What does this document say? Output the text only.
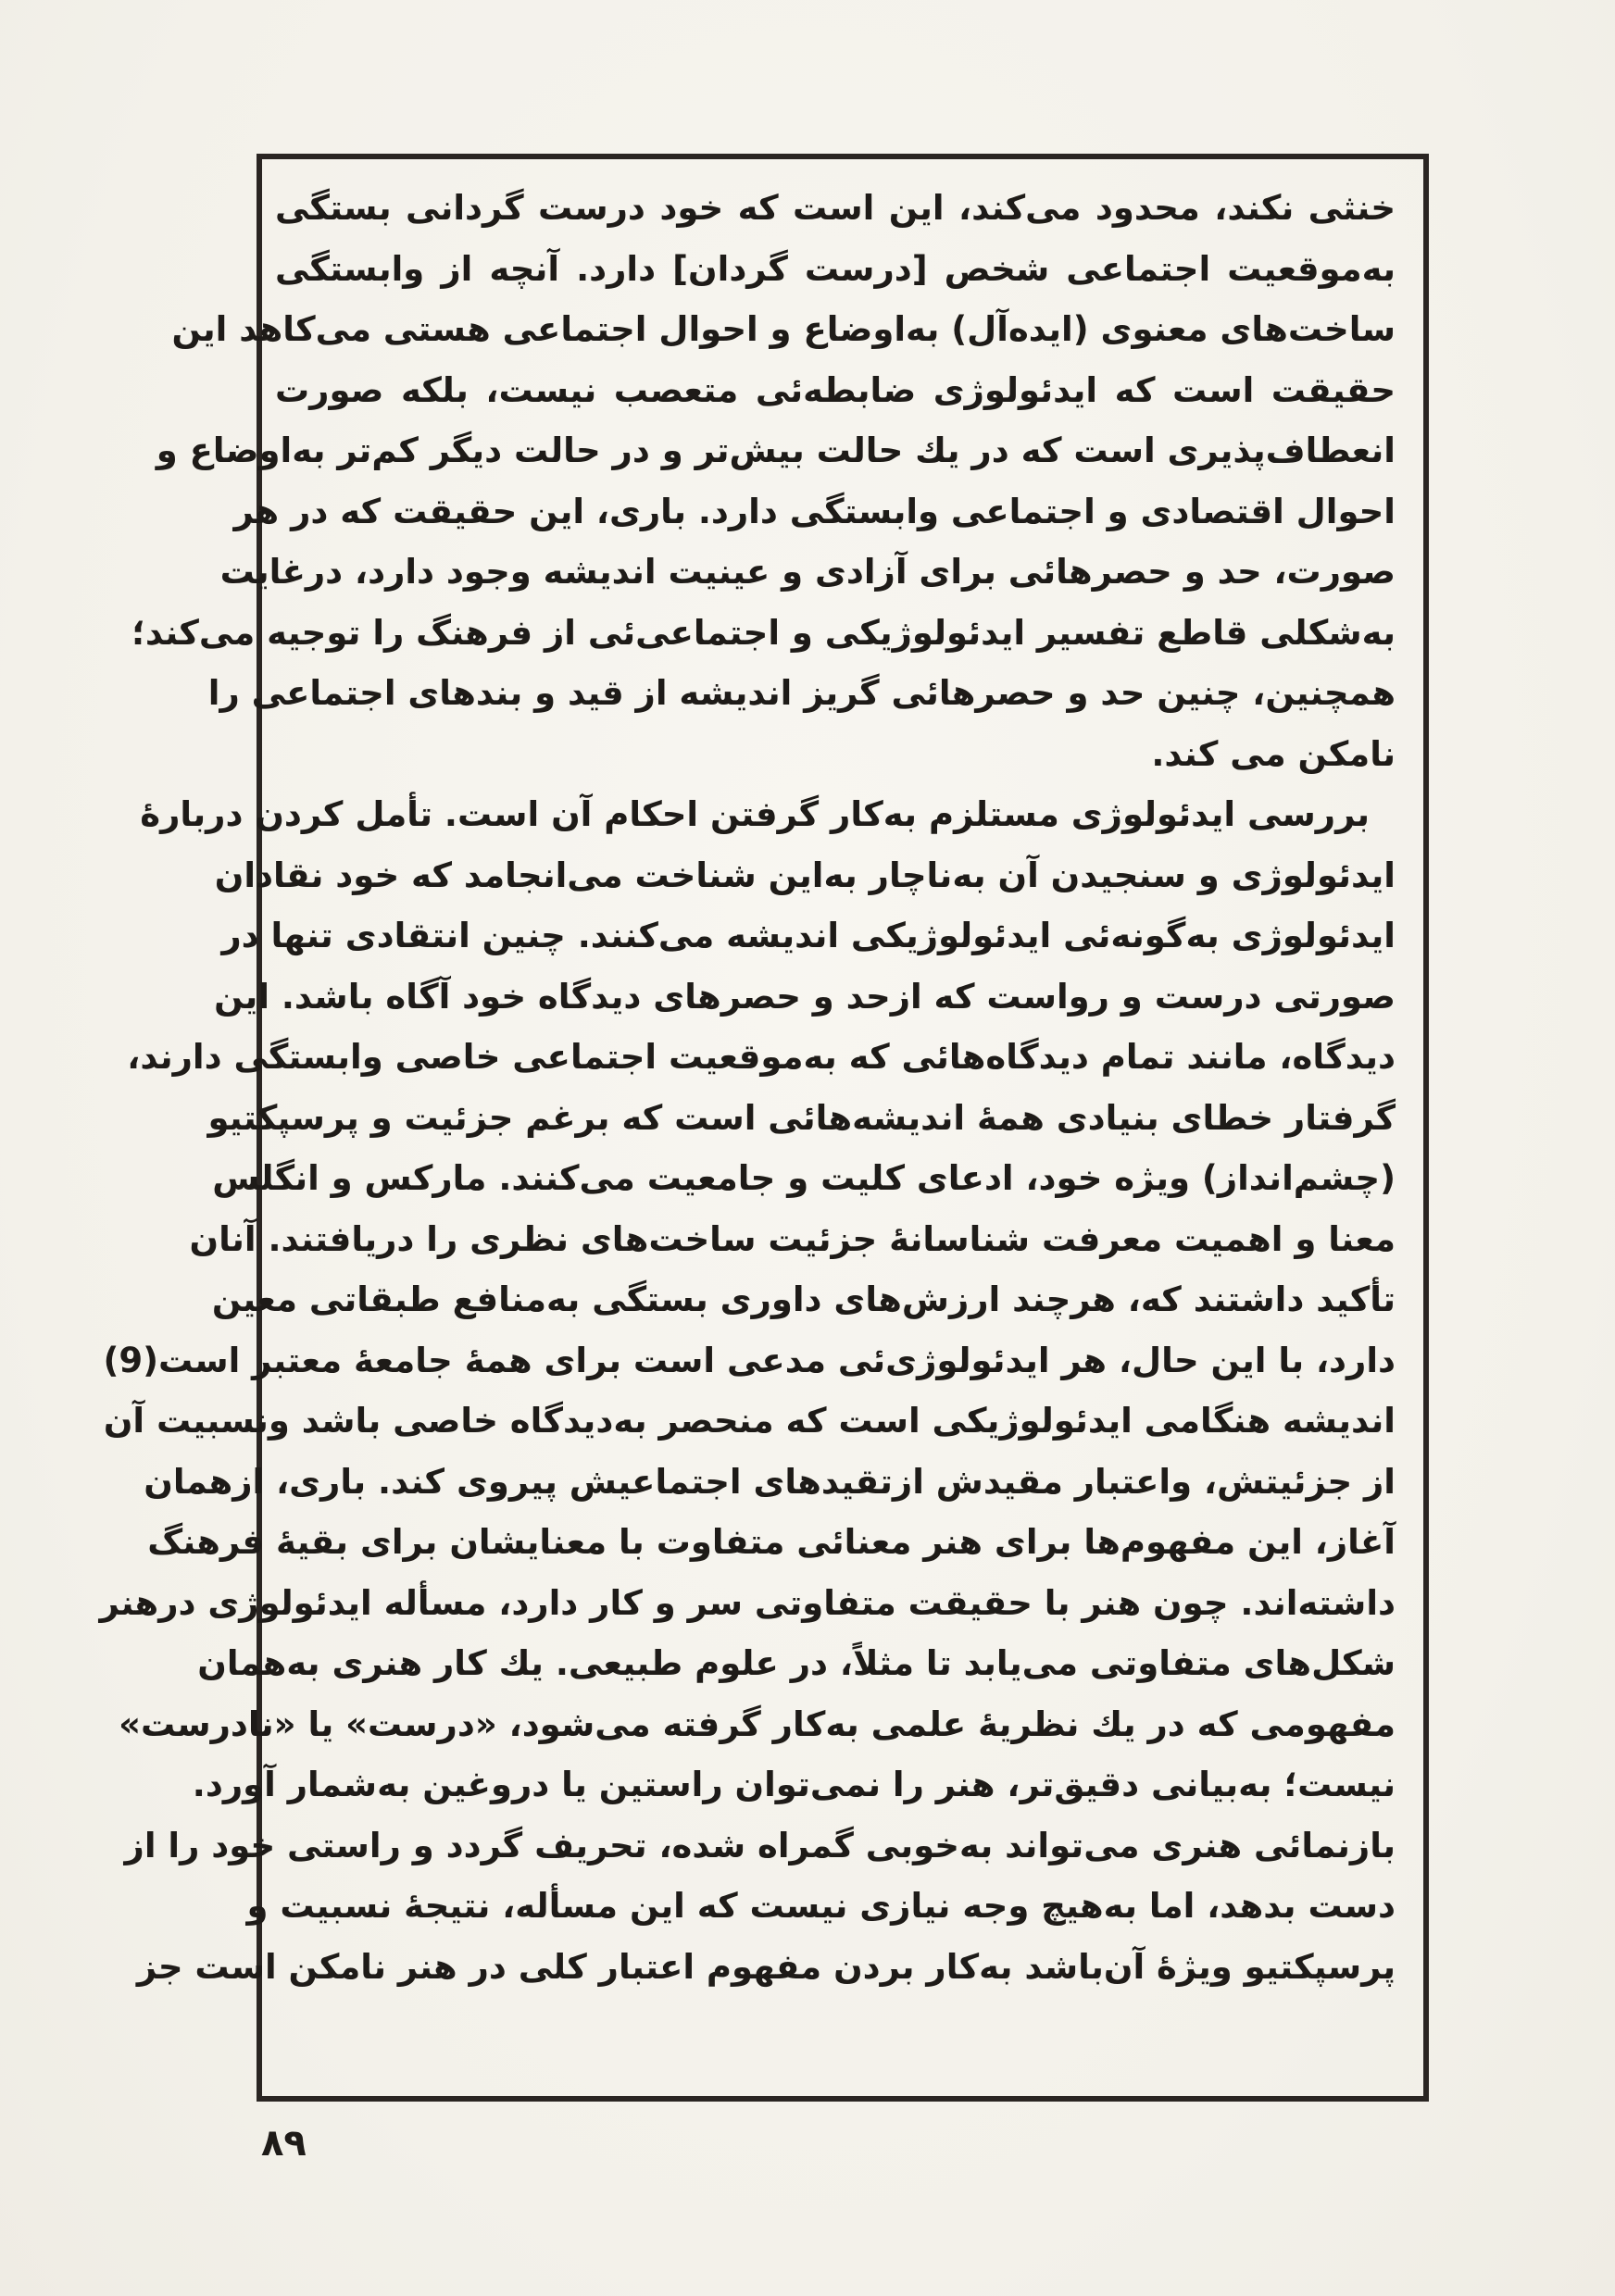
خنثی نکند، محدود می‌کند، این است که خود درست گردانی بستگی
به‌موقعیت اجتماعی شخص [درست گردان] دارد. آنچه از وابستگی
ساخت‌های معنوی (ایده‌آل) به‌اوضاع و احوال اجتماعی هستی می‌کاهد این
حقیقت است که ایدئولوژی ضابطه‌ئی متعصب نیست، بلکه صورت
انعطاف‌پذیری است که در یك حالت بیش‌تر و در حالت دیگر کم‌تر به‌اوضاع و
احوال اقتصادی و اجتماعی وابستگی دارد. باری، این حقیقت که در هر
صورت، حد و حصرهائی برای آزادی و عینیت اندیشه وجود دارد، درغایت
به‌شکلی قاطع تفسیر ایدئولوژیکی و اجتماعی‌ئی از فرهنگ را توجیه می‌کند؛
همچنین، چنین حد و حصرهائی گریز اندیشه از قید و بندهای اجتماعی را
نامکن می کند.
بررسی ایدئولوژی مستلزم به‌کار گرفتن احکام آن است. تأمل کردن دربارهٔ
ایدئولوژی و سنجیدن آن به‌ناچار به‌این شناخت می‌انجامد که خود نقادان
ایدئولوژی به‌گونه‌ئی ایدئولوژیکی اندیشه می‌کنند. چنین انتقادی تنها در
صورتی درست و رواست که ازحد و حصرهای دیدگاه خود آگاه باشد. این
دیدگاه، مانند تمام دیدگاه‌هائی که به‌موقعیت اجتماعی خاصی وابستگی دارند،
گرفتار خطای بنیادی همهٔ اندیشه‌هائی است که برغم جزئیت و پرسپکتیو
(چشم‌انداز) ویژه خود، ادعای کلیت و جامعیت می‌کنند. مارکس و انگلس
معنا و اهمیت معرفت شناسانهٔ جزئیت ساخت‌های نظری را دریافتند. آنان
تأکید داشتند که، هرچند ارزش‌های داوری بستگی به‌منافع طبقاتی معین
دارد، با این حال، هر ایدئولوژی‌ئی مدعی است برای همهٔ جامعهٔ معتبر است(9)
اندیشه هنگامی ایدئولوژیکی است که منحصر به‌دیدگاه خاصی باشد ونسبیت آن
از جزئیتش، واعتبار مقیدش ازتقیدهای اجتماعیش پیروی کند. باری، ازهمان
آغاز، این مفهوم‌ها برای هنر معنائی متفاوت با معنایشان برای بقیهٔ فرهنگ
داشته‌اند. چون هنر با حقیقت متفاوتی سر و کار دارد، مسأله ایدئولوژی درهنر
شکل‌های متفاوتی می‌یابد تا مثلاً، در علوم طبیعی. یك کار هنری به‌همان
مفهومی که در یك نظریهٔ علمی به‌کار گرفته می‌شود، «درست» یا «نادرست»
نیست؛ به‌بیانی دقیق‌تر، هنر را نمی‌توان راستین یا دروغین به‌شمار آورد.
بازنمائی هنری می‌تواند به‌خوبی گمراه شده، تحریف گردد و راستی خود را از
دست بدهد، اما به‌هیچ وجه نیازی نیست که این مسأله، نتیجهٔ نسبیت و
پرسپکتیو ویژهٔ آن‌باشد به‌کار بردن مفهوم اعتبار کلی در هنر نامکن است جز
۸۹
